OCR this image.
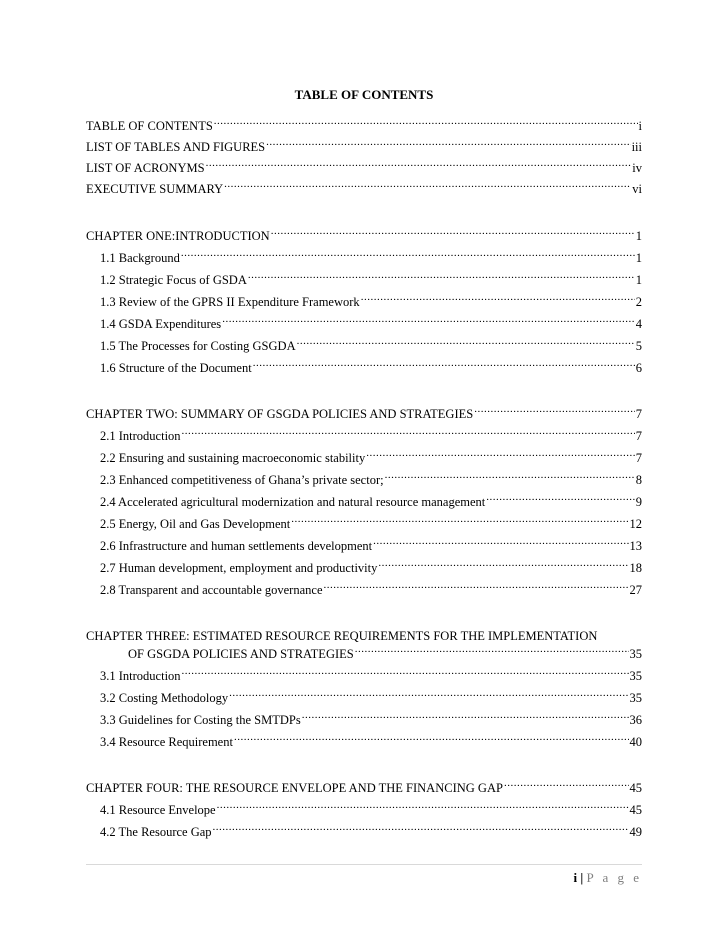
TABLE OF CONTENTS
TABLE OF CONTENTS .....	i
LIST OF TABLES AND FIGURES .....	iii
LIST OF ACRONYMS .....	iv
EXECUTIVE SUMMARY .....	vi
CHAPTER ONE:INTRODUCTION .....	1
1.1 Background .....	1
1.2 Strategic Focus of GSDA .....	1
1.3 Review of the GPRS II Expenditure Framework .....	2
1.4 GSDA Expenditures .....	4
1.5 The Processes for Costing GSGDA .....	5
1.6 Structure of the Document .....	6
CHAPTER TWO: SUMMARY OF GSGDA POLICIES AND STRATEGIES .....	7
2.1 Introduction .....	7
2.2 Ensuring and sustaining macroeconomic stability .....	7
2.3 Enhanced competitiveness of Ghana’s private sector; .....	8
2.4 Accelerated agricultural modernization and natural resource management .....	9
2.5 Energy, Oil and Gas Development .....	12
2.6 Infrastructure and human settlements development .....	13
2.7 Human development, employment and productivity .....	18
2.8 Transparent and accountable governance .....	27
CHAPTER THREE: ESTIMATED RESOURCE REQUIREMENTS FOR THE IMPLEMENTATION
OF GSGDA POLICIES AND STRATEGIES .....	35
3.1 Introduction .....	35
3.2 Costing Methodology .....	35
3.3 Guidelines for Costing the SMTDPs .....	36
3.4 Resource Requirement .....	40
CHAPTER FOUR: THE RESOURCE ENVELOPE AND THE FINANCING GAP .....	45
4.1 Resource Envelope .....	45
4.2 The Resource Gap .....	49
i | P a g e
